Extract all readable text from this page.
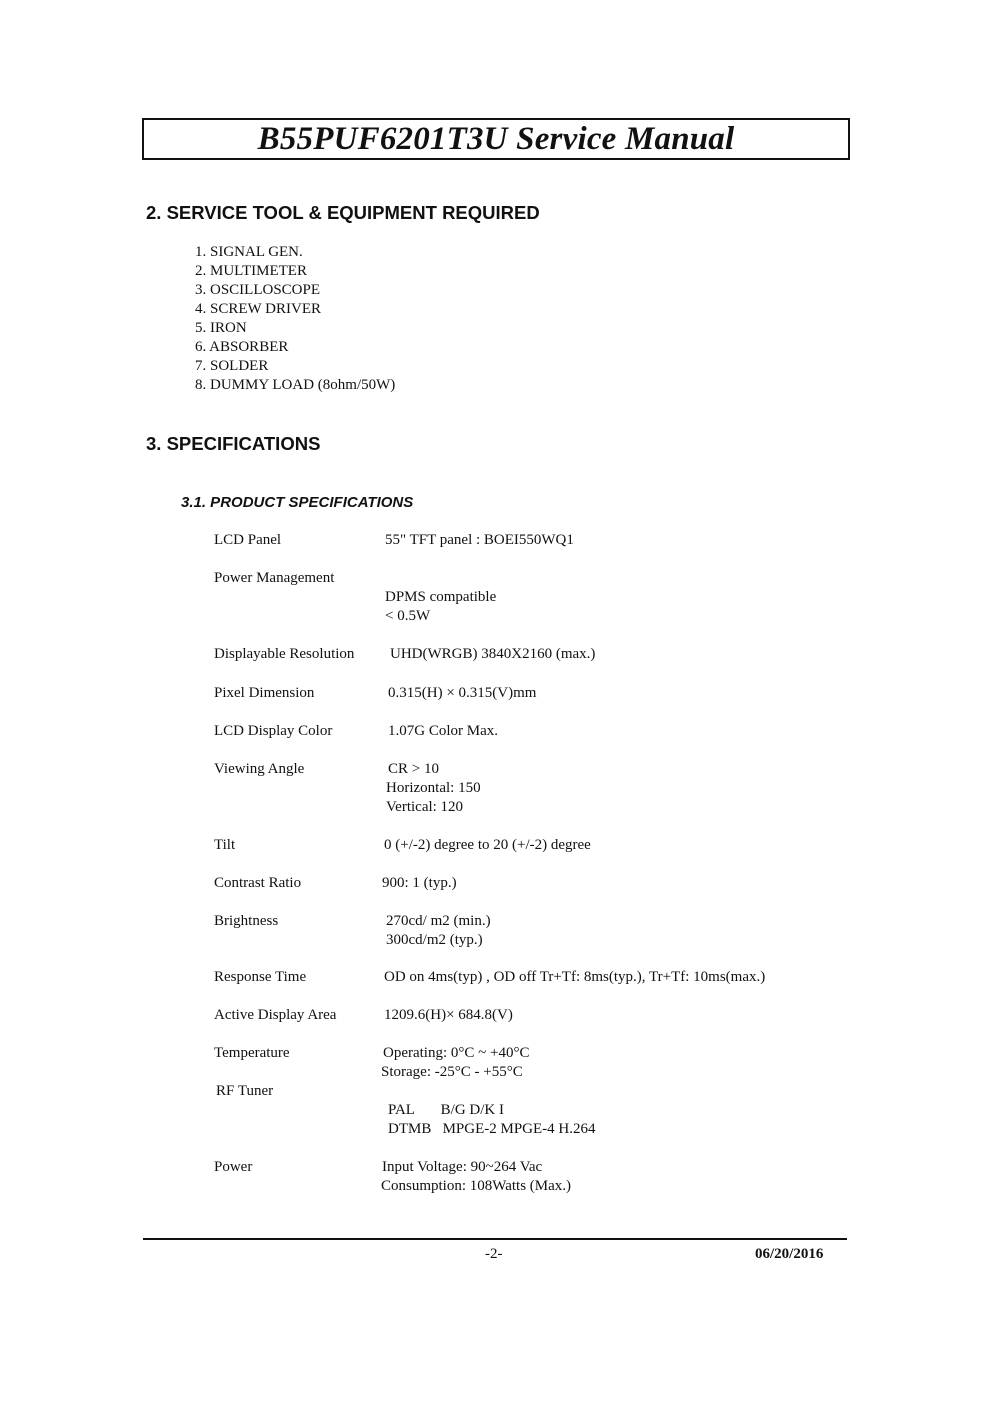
B55PUF6201T3U Service Manual
2. SERVICE TOOL & EQUIPMENT REQUIRED
1. SIGNAL GEN.
2. MULTIMETER
3. OSCILLOSCOPE
4. SCREW DRIVER
5. IRON
6. ABSORBER
7. SOLDER
8. DUMMY LOAD (8ohm/50W)
3. SPECIFICATIONS
3.1. PRODUCT SPECIFICATIONS
LCD Panel	55" TFT panel : BOEI550WQ1
Power Management
DPMS compatible
< 0.5W
Displayable Resolution UHD(WRGB) 3840X2160 (max.)
Pixel Dimension	0.315(H) × 0.315(V)mm
LCD Display Color	1.07G Color Max.
Viewing Angle	CR > 10
Horizontal: 150
Vertical: 120
Tilt	0 (+/-2) degree to 20 (+/-2) degree
Contrast Ratio	900: 1 (typ.)
Brightness	270cd/ m2 (min.)
300cd/m2 (typ.)
Response Time	OD on 4ms(typ) , OD off Tr+Tf: 8ms(typ.), Tr+Tf: 10ms(max.)
Active Display Area	1209.6(H)× 684.8(V)
Temperature	Operating: 0°C ~ +40°C
Storage: -25°C - +55°C
RF Tuner
PAL       B/G D/K I
DTMB   MPGE-2 MPGE-4 H.264
Power	Input Voltage: 90~264 Vac
Consumption: 108Watts (Max.)
-2-	06/20/2016
